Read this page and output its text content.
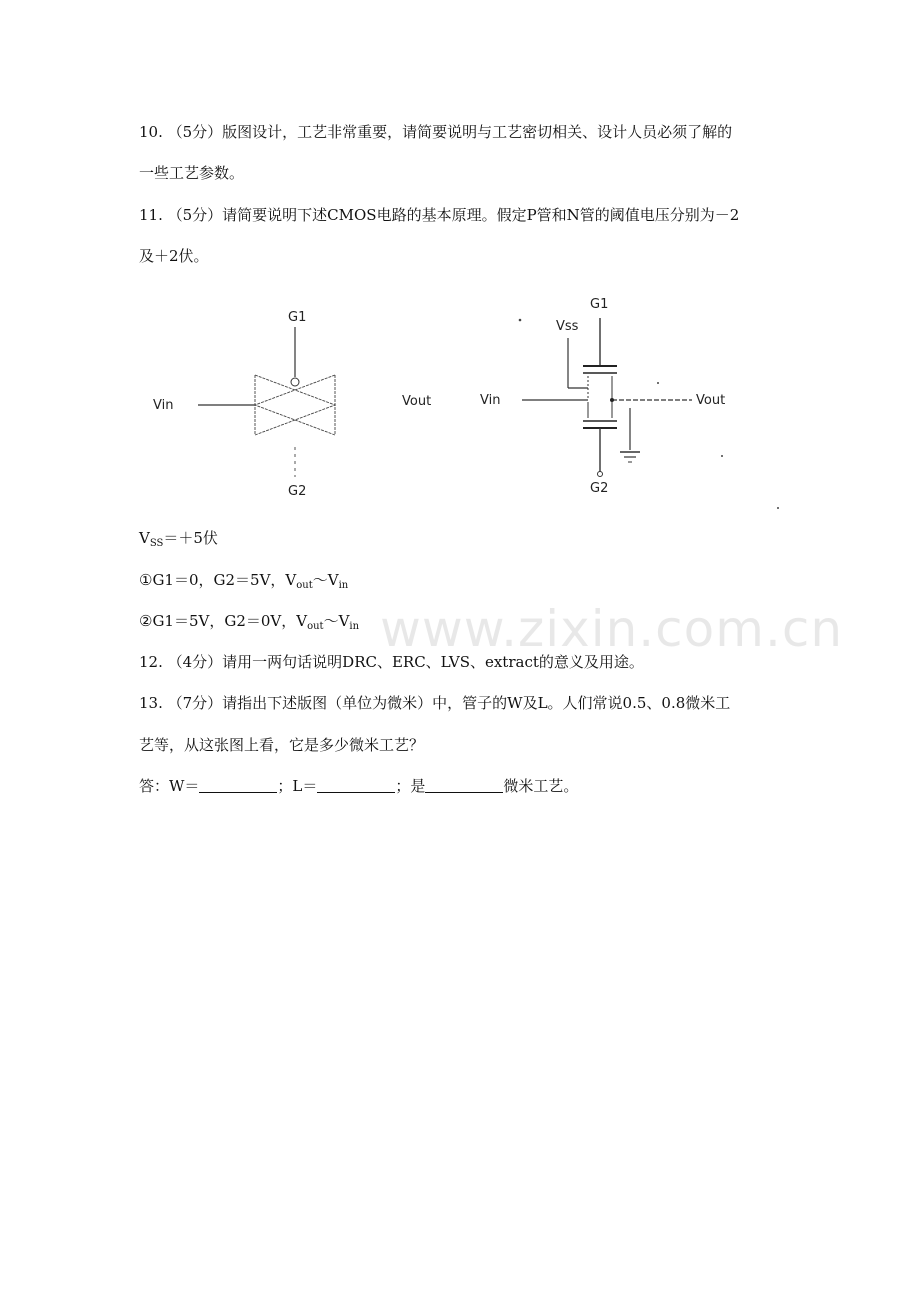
10. （5分）版图设计，工艺非常重要，请简要说明与工艺密切相关、设计人员必须了解的
一些工艺参数。
11. （5分）请简要说明下述CMOS电路的基本原理。假定P管和N管的阈值电压分别为－2
及＋2伏。
G1
Vin
G2
Vout
G1
Vss
Vin	Vout
G2
$V_{SS}=+5$伏
①G1＝0，G2＝5V，$V_{out}\sim V_{in}$
②G1＝5V，G2＝0V，$V_{out}\sim V_{in}$
12. （4分）请用一两句话说明DRC、ERC、LVS、extract的意义及用途。
13. （7分）请指出下述版图（单位为微米）中，管子的W及L。人们常说0.5、0.8微米工
艺等，从这张图上看，它是多少微米工艺？
答：W＝	；L＝	；是	微米工艺。
www.zixin.com.cn
